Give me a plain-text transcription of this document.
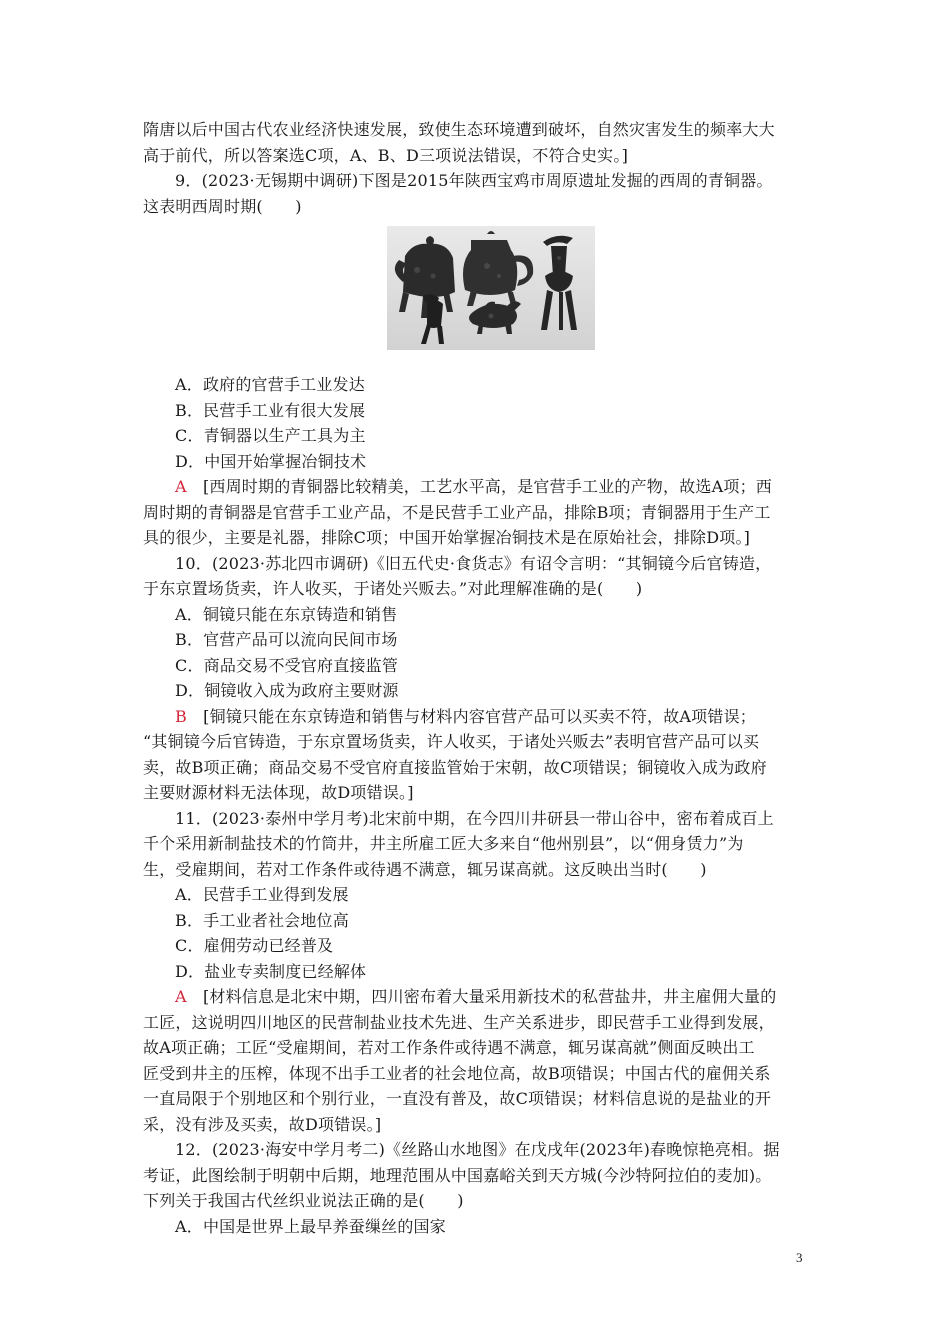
隋唐以后中国古代农业经济快速发展，致使生态环境遭到破坏，自然灾害发生的频率大大
高于前代，所以答案选C项，A、B、D三项说法错误，不符合史实。]
9．(2023·无锡期中调研)下图是2015年陕西宝鸡市周原遗址发掘的西周的青铜器。
这表明西周时期(　　)
A．政府的官营手工业发达
B．民营手工业有很大发展
C．青铜器以生产工具为主
D．中国开始掌握冶铜技术
A　 [西周时期的青铜器比较精美，工艺水平高，是官营手工业的产物，故选A项；西
周时期的青铜器是官营手工业产品，不是民营手工业产品，排除B项；青铜器用于生产工
具的很少，主要是礼器，排除C项；中国开始掌握冶铜技术是在原始社会，排除D项。]
10．(2023·苏北四市调研)《旧五代史·食货志》有诏令言明：“其铜镜今后官铸造，
于东京置场货卖，许人收买，于诸处兴贩去。”对此理解准确的是(　　)
A．铜镜只能在东京铸造和销售
B．官营产品可以流向民间市场
C．商品交易不受官府直接监管
D．铜镜收入成为政府主要财源
B　 [铜镜只能在东京铸造和销售与材料内容官营产品可以买卖不符，故A项错误；
“其铜镜今后官铸造，于东京置场货卖，许人收买，于诸处兴贩去”表明官营产品可以买
卖，故B项正确；商品交易不受官府直接监管始于宋朝，故C项错误；铜镜收入成为政府
主要财源材料无法体现，故D项错误。]
11．(2023·泰州中学月考)北宋前中期，在今四川井研县一带山谷中，密布着成百上
千个采用新制盐技术的竹筒井，井主所雇工匠大多来自“他州别县”，以“佣身赁力”为
生，受雇期间，若对工作条件或待遇不满意，辄另谋高就。这反映出当时(　　)
A．民营手工业得到发展
B．手工业者社会地位高
C．雇佣劳动已经普及
D．盐业专卖制度已经解体
A　 [材料信息是北宋中期，四川密布着大量采用新技术的私营盐井，井主雇佣大量的
工匠，这说明四川地区的民营制盐业技术先进、生产关系进步，即民营手工业得到发展，
故A项正确；工匠“受雇期间，若对工作条件或待遇不满意，辄另谋高就”侧面反映出工
匠受到井主的压榨，体现不出手工业者的社会地位高，故B项错误；中国古代的雇佣关系
一直局限于个别地区和个别行业，一直没有普及，故C项错误；材料信息说的是盐业的开
采，没有涉及买卖，故D项错误。]
12．(2023·海安中学月考二)《丝路山水地图》在戊戌年(2023年)春晚惊艳亮相。据
考证，此图绘制于明朝中后期，地理范围从中国嘉峪关到天方城(今沙特阿拉伯的麦加)。
下列关于我国古代丝织业说法正确的是(　　)
A．中国是世界上最早养蚕缫丝的国家
3
